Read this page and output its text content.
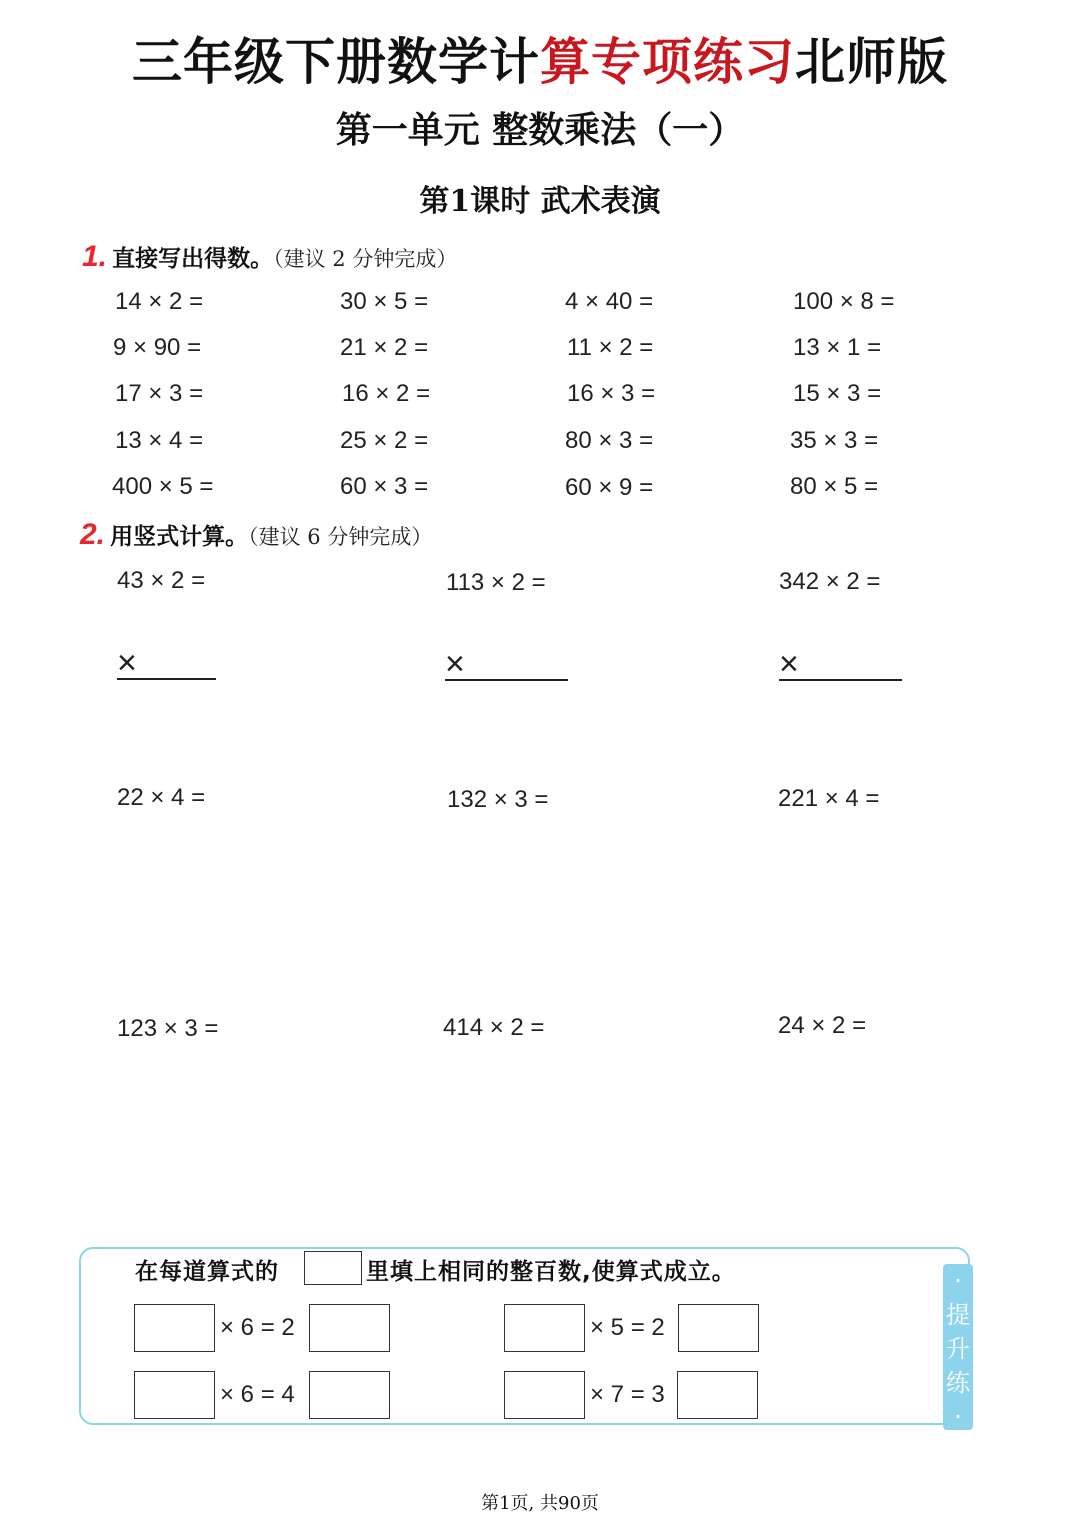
三年级下册数学计算专项练习北师版
第一单元 整数乘法（一）
第1课时 武术表演
1. 直接写出得数。（建议 2 分钟完成）
14 × 2 =	30 × 5 =	4 × 40 =	100 × 8 =
9 × 90 =	21 × 2 =	11 × 2 =	13 × 1 =
17 × 3 =	16 × 2 =	16 × 3 =	15 × 3 =
13 × 4 =	25 × 2 =	80 × 3 =	35 × 3 =
400 × 5 =	60 × 3 =	60 × 9 =	80 × 5 =
2. 用竖式计算。（建议 6 分钟完成）
43 × 2 =	113 × 2 =	342 × 2 =
×	×	×
22 × 4 =	132 × 3 =	221 × 4 =
123 × 3 =	414 × 2 =	24 × 2 =
·
提
升
练
·
在每道算式的	里填上相同的整百数,使算式成立。
× 6 = 2	× 5 = 2
× 6 = 4	× 7 = 3
第1页, 共90页
